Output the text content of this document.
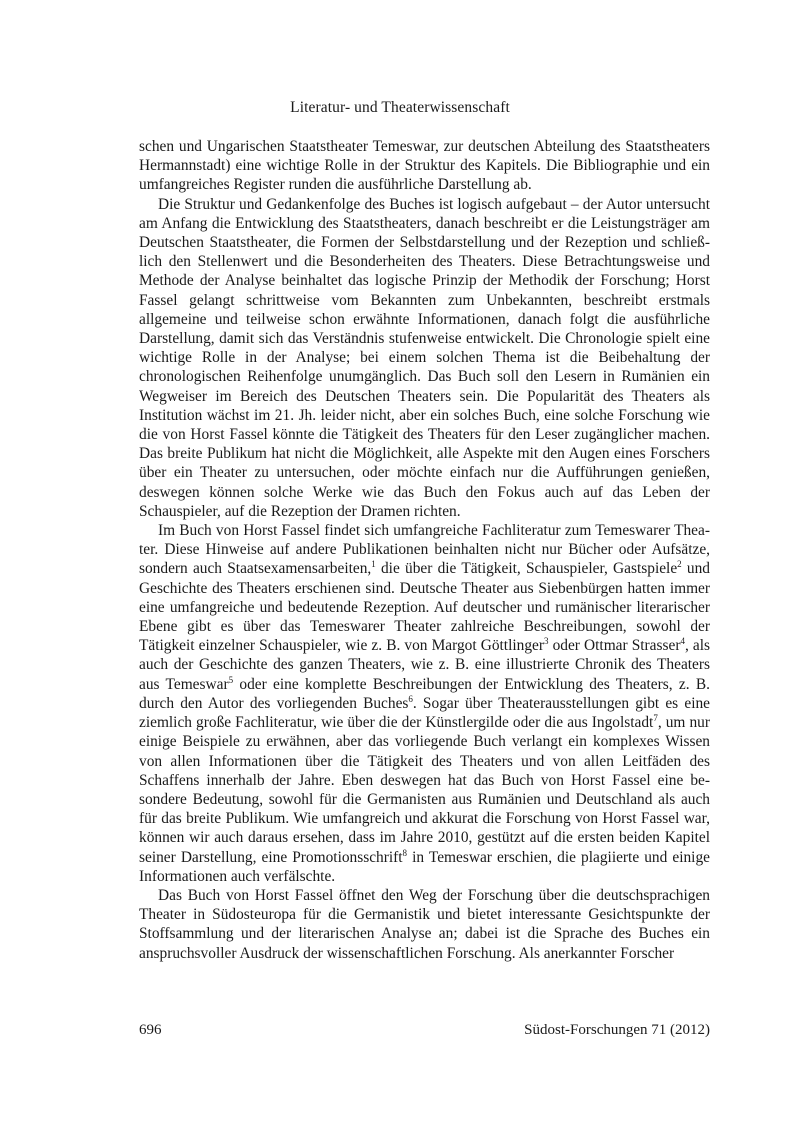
Literatur- und Theaterwissenschaft

schen und Ungarischen Staatstheater Temeswar, zur deutschen Abteilung des Staatstheaters Hermannstadt) eine wichtige Rolle in der Struktur des Kapitels. Die Bibliographie und ein umfangreiches Register runden die ausführliche Darstellung ab.

Die Struktur und Gedankenfolge des Buches ist logisch aufgebaut – der Autor untersucht am Anfang die Entwicklung des Staatstheaters, danach beschreibt er die Leistungsträger am Deutschen Staatstheater, die Formen der Selbstdarstellung und der Rezeption und schließlich den Stellenwert und die Besonderheiten des Theaters. Diese Betrachtungsweise und Methode der Analyse beinhaltet das logische Prinzip der Methodik der Forschung; Horst Fassel gelangt schrittweise vom Bekannten zum Unbekannten, beschreibt erstmals allgemeine und teilweise schon erwähnte Informationen, danach folgt die ausführliche Darstellung, damit sich das Verständnis stufenweise entwickelt. Die Chronologie spielt eine wichtige Rolle in der Analyse; bei einem solchen Thema ist die Beibehaltung der chronologischen Reihenfolge unumgänglich. Das Buch soll den Lesern in Rumänien ein Wegweiser im Bereich des Deutschen Theaters sein. Die Popularität des Theaters als Institution wächst im 21. Jh. leider nicht, aber ein solches Buch, eine solche Forschung wie die von Horst Fassel könnte die Tätigkeit des Theaters für den Leser zugänglicher machen. Das breite Publikum hat nicht die Möglichkeit, alle Aspekte mit den Augen eines Forschers über ein Theater zu untersuchen, oder möchte einfach nur die Aufführungen genießen, deswegen können solche Werke wie das Buch den Fokus auch auf das Leben der Schauspieler, auf die Rezeption der Dramen richten.

Im Buch von Horst Fassel findet sich umfangreiche Fachliteratur zum Temeswarer Theater. Diese Hinweise auf andere Publikationen beinhalten nicht nur Bücher oder Aufsätze, sondern auch Staatsexamensarbeiten,$^1$ die über die Tätigkeit, Schauspieler, Gastspiele$^2$ und Geschichte des Theaters erschienen sind. Deutsche Theater aus Siebenbürgen hatten immer eine umfangreiche und bedeutende Rezeption. Auf deutscher und rumänischer literarischer Ebene gibt es über das Temeswarer Theater zahlreiche Beschreibungen, sowohl der Tätigkeit einzelner Schauspieler, wie z. B. von Margot Göttlinger$^3$ oder Ottmar Strasser$^4$, als auch der Geschichte des ganzen Theaters, wie z. B. eine illustrierte Chronik des Theaters aus Temeswar$^5$ oder eine komplette Beschreibungen der Entwicklung des Theaters, z. B. durch den Autor des vorliegenden Buches$^6$. Sogar über Theaterausstellungen gibt es eine ziemlich große Fachliteratur, wie über die der Künstlergilde oder die aus Ingolstadt$^7$, um nur einige Beispiele zu erwähnen, aber das vorliegende Buch verlangt ein komplexes Wissen von allen Informationen über die Tätigkeit des Theaters und von allen Leitfäden des Schaffens innerhalb der Jahre. Eben deswegen hat das Buch von Horst Fassel eine besondere Bedeutung, sowohl für die Germanisten aus Rumänien und Deutschland als auch für das breite Publikum. Wie umfangreich und akkurat die Forschung von Horst Fassel war, können wir auch daraus ersehen, dass im Jahre 2010, gestützt auf die ersten beiden Kapitel seiner Darstellung, eine Promotionsschrift$^8$ in Temeswar erschien, die plagiierte und einige Informationen auch verfälschte.

Das Buch von Horst Fassel öffnet den Weg der Forschung über die deutschsprachigen Theater in Südosteuropa für die Germanistik und bietet interessante Gesichtspunkte der Stoffsammlung und der literarischen Analyse an; dabei ist die Sprache des Buches ein anspruchsvoller Ausdruck der wissenschaftlichen Forschung. Als anerkannter Forscher

696	Südost-Forschungen 71 (2012)
